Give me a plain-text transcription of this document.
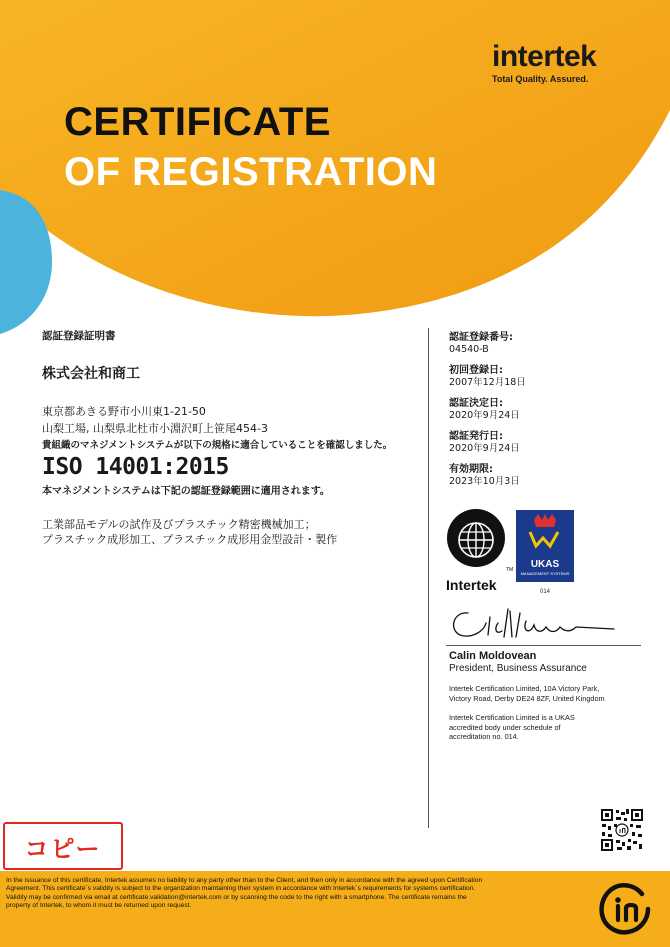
intertek
Total Quality. Assured.
CERTIFICATE
OF REGISTRATION
認証登録証明書
株式会社和商工
東京都あきる野市小川東1-21-50
山梨工場, 山梨県北杜市小淵沢町上笹尾454-3
貴組織のマネジメントシステムが以下の規格に適合していることを確認しました。
ISO 14001:2015
本マネジメントシステムは下記の認証登録範囲に適用されます。
工業部品モデルの試作及びプラスチック精密機械加工；
プラスチック成形加工、プラスチック成形用金型設計・製作
認証登録番号:
04540-B
初回登録日:
2007年12月18日
認証決定日:
2020年9月24日
認証発行日:
2020年9月24日
有効期限:
2023年10月3日
Intertek
TM UKAS
MANAGEMENT SYSTEMS
014
Calin Moldovean
President, Business Assurance
Intertek Certification Limited, 10A Victory Park,
Victory Road, Derby DE24 8ZF, United Kingdom
Intertek Certification Limited is a UKAS
accredited body under schedule of
accreditation no. 014.
コピー
In the issuance of this certificate, Intertek assumes no liability to any party other than to the Client, and then only in accordance with the agreed upon Certification
Agreement. This certificate`s validity is subject to the organization maintaining their system in accordance with Intertek`s requirements for systems certification.
Validity may be confirmed via email at certificate.validation@intertek.com or by scanning the code to the right with a smartphone. The certificate remains the
property of Intertek, to whom it must be returned upon request.
